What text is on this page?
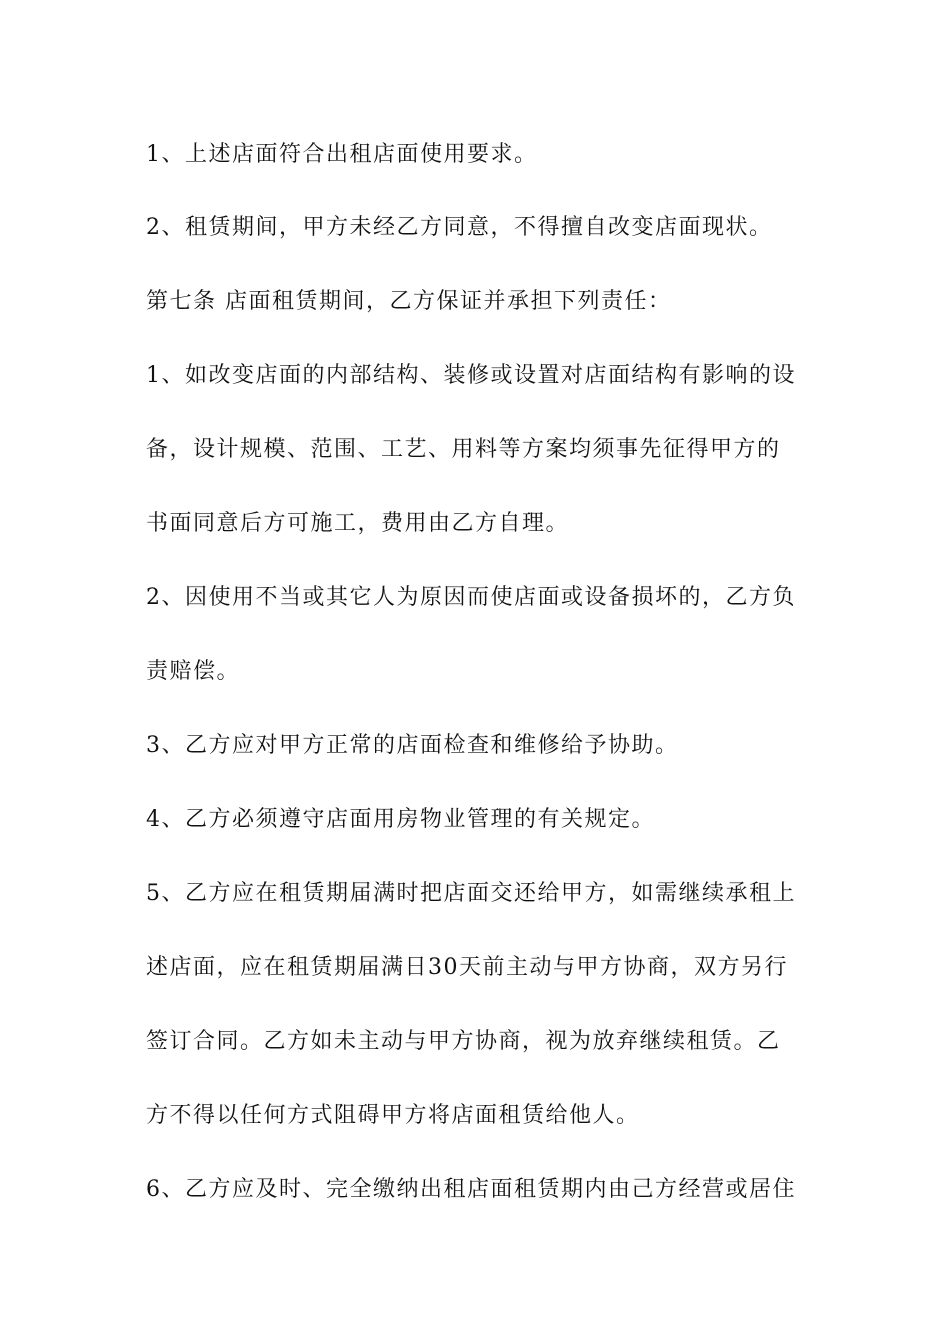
1、上述店面符合出租店面使用要求。
2、租赁期间，甲方未经乙方同意，不得擅自改变店面现状。
第七条 店面租赁期间，乙方保证并承担下列责任：
1、如改变店面的内部结构、装修或设置对店面结构有影响的设
备，设计规模、范围、工艺、用料等方案均须事先征得甲方的
书面同意后方可施工，费用由乙方自理。
2、因使用不当或其它人为原因而使店面或设备损坏的，乙方负
责赔偿。
3、乙方应对甲方正常的店面检查和维修给予协助。
4、乙方必须遵守店面用房物业管理的有关规定。
5、乙方应在租赁期届满时把店面交还给甲方，如需继续承租上
述店面，应在租赁期届满日30天前主动与甲方协商，双方另行
签订合同。乙方如未主动与甲方协商，视为放弃继续租赁。乙
方不得以任何方式阻碍甲方将店面租赁给他人。
6、乙方应及时、完全缴纳出租店面租赁期内由己方经营或居住
